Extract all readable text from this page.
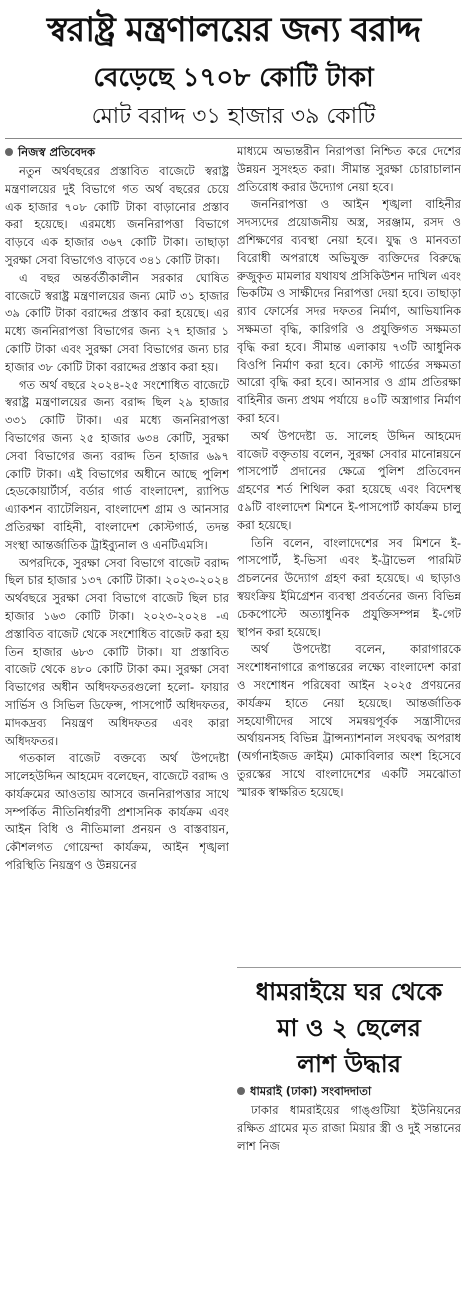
স্বরাষ্ট্র মন্ত্রণালয়ের জন্য বরাদ্দ
বেড়েছে ১৭০৮ কোটি টাকা
মোট বরাদ্দ ৩১ হাজার ৩৯ কোটি
নিজস্ব প্রতিবেদক

নতুন অর্থবছরের প্রস্তাবিত বাজেটে স্বরাষ্ট্র মন্ত্রণালয়ের দুই বিভাগে গত অর্থ বছরের চেয়ে এক হাজার ৭০৮ কোটি টাকা বাড়ানোর প্রস্তাব করা হয়েছে। এরমধ্যে জননিরাপত্তা বিভাগে বাড়বে এক হাজার ৩৬৭ কোটি টাকা। তাছাড়া সুরক্ষা সেবা বিভাগেও বাড়বে ৩৪১ কোটি টাকা।

এ বছর অন্তর্বর্তীকালীন সরকার ঘোষিত বাজেটে স্বরাষ্ট্র মন্ত্রণালয়ের জন্য মোট ৩১ হাজার ৩৯ কোটি টাকা বরাদ্দের প্রস্তাব করা হয়েছে। এর মধ্যে জননিরাপত্তা বিভাগের জন্য ২৭ হাজার ১ কোটি টাকা এবং সুরক্ষা সেবা বিভাগের জন্য চার হাজার ৩৮ কোটি টাকা বরাদ্দের প্রস্তাব করা হয়।

গত অর্থ বছরে ২০২৪-২৫ সংশোধিত বাজেটে স্বরাষ্ট্র মন্ত্রণালয়ের জন্য বরাদ্দ ছিল ২৯ হাজার ৩৩১ কোটি টাকা। এর মধ্যে জননিরাপত্তা বিভাগের জন্য ২৫ হাজার ৬৩৪ কোটি, সুরক্ষা সেবা বিভাগের জন্য বরাদ্দ তিন হাজার ৬৯৭ কোটি টাকা। এই বিভাগের অধীনে আছে পুলিশ হেডকোয়ার্টার্স, বর্ডার গার্ড বাংলাদেশ, র‍্যাপিড এ্যাকশন ব্যাটেলিয়ন, বাংলাদেশ গ্রাম ও আনসার প্রতিরক্ষা বাহিনী, বাংলাদেশ কোস্টগার্ড, তদন্ত সংস্থা আন্তর্জাতিক ট্রাইব্যুনাল ও এনটিএমসি।

অপরদিকে, সুরক্ষা সেবা বিভাগে বাজেট বরাদ্দ ছিল চার হাজার ১৩৭ কোটি টাকা। ২০২৩-২০২৪ অর্থবছরে সুরক্ষা সেবা বিভাগে বাজেট ছিল চার হাজার ১৬৩ কোটি টাকা। ২০২৩-২০২৪ -এ প্রস্তাবিত বাজেট থেকে সংশোধিত বাজেট করা হয় তিন হাজার ৬৮৩ কোটি টাকা। যা প্রস্তাবিত বাজেট থেকে ৪৮০ কোটি টাকা কম। সুরক্ষা সেবা বিভাগের অধীন অধিদফতরগুলো হলো- ফায়ার সার্ভিস ও সিভিল ডিফেন্স, পাসপোর্ট অধিদফতর, মাদকদ্রব্য নিয়ন্ত্রণ অধিদফতর এবং কারা অধিদফতর।

গতকাল বাজেট বক্তব্যে অর্থ উপদেষ্টা সালেহউদ্দিন আহমেদ বলেছেন, বাজেটে বরাদ্দ ও কার্যক্রমের আওতায় আসবে জননিরাপত্তার সাথে সম্পর্কিত নীতিনির্ধারণী প্রশাসনিক কার্যক্রম এবং আইন বিধি ও নীতিমালা প্রনয়ন ও বাস্তবায়ন, কৌশলগত গোয়েন্দা কার্যক্রম, আইন শৃঙ্খলা পরিস্থিতি নিয়ন্ত্রণ ও উন্নয়নের

মাধ্যমে অভ্যন্তরীন নিরাপত্তা নিশ্চিত করে দেশের উন্নয়ন সুসংহত করা। সীমান্ত সুরক্ষা চোরাচালান প্রতিরোধ করার উদ্যোগ নেয়া হবে।

জননিরাপত্তা ও আইন শৃঙ্খলা বাহিনীর সদস্যদের প্রয়োজনীয় অস্ত্র, সরঞ্জাম, রসদ ও প্রশিক্ষণের ব্যবস্থা নেয়া হবে। যুদ্ধ ও মানবতা বিরোধী অপরাধে অভিযুক্ত ব্যক্তিদের বিরুদ্ধে রুজুকৃত মামলার যথাযথ প্রসিকিউশন দাখিল এবং ভিকটিম ও সাক্ষীদের নিরাপত্তা দেয়া হবে। তাছাড়া র‍্যাব ফোর্সের সদর দফতর নির্মাণ, আভিযানিক সক্ষমতা বৃদ্ধি, কারিগরি ও প্রযুক্তিগত সক্ষমতা বৃদ্ধি করা হবে। সীমান্ত এলাকায় ৭৩টি আধুনিক বিওপি নির্মাণ করা হবে। কোস্ট গার্ডের সক্ষমতা আরো বৃদ্ধি করা হবে। আনসার ও গ্রাম প্রতিরক্ষা বাহিনীর জন্য প্রথম পর্যায়ে ৪০টি অস্ত্রাগার নির্মাণ করা হবে।

অর্থ উপদেষ্টা ড. সালেহ উদ্দিন আহমেদ বাজেট বক্তৃতায় বলেন, সুরক্ষা সেবার মানোন্নয়নে পাসপোর্ট প্রদানের ক্ষেত্রে পুলিশ প্রতিবেদন গ্রহণের শর্ত শিথিল করা হয়েছে এবং বিদেশস্থ ৫৯টি বাংলাদেশ মিশনে ই-পাসপোর্ট কার্যক্রম চালু করা হয়েছে।

তিনি বলেন, বাংলাদেশের সব মিশনে ই-পাসপোর্ট, ই-ভিসা এবং ই-ট্রাভেল পারমিট প্রচলনের উদ্যোগ গ্রহণ করা হয়েছে। এ ছাড়াও স্বয়ংক্রিয় ইমিগ্রেশন ব্যবস্থা প্রবর্তনের জন্য বিভিন্ন চেকপোস্টে অত্যাধুনিক প্রযুক্তিসম্পন্ন ই-গেট স্থাপন করা হয়েছে।

অর্থ উপদেষ্টা বলেন, কারাগারকে সংশোধনাগারে রূপান্তরের লক্ষ্যে বাংলাদেশ কারা ও সংশোধন পরিষেবা আইন ২০২৫ প্রণয়নের কার্যক্রম হাতে নেয়া হয়েছে। আন্তর্জাতিক সহযোগীদের সাথে সমন্বয়পূর্বক সন্ত্রাসীদের অর্থায়নসহ বিভিন্ন ট্রান্সন্যাশনাল সংঘবদ্ধ অপরাধ (অর্গানাইজড ক্রাইম) মোকাবিলার অংশ হিসেবে তুরস্কের সাথে বাংলাদেশের একটি সমঝোতা স্মারক স্বাক্ষরিত হয়েছে।

ধামরাইয়ে ঘর থেকে
মা ও ২ ছেলের
লাশ উদ্ধার
ধামরাই (ঢাকা) সংবাদদাতা

ঢাকার ধামরাইয়ের গাঙ্গুটিয়া ইউনিয়নের রক্ষিত গ্রামের মৃত রাজা মিয়ার স্ত্রী ও দুই সন্তানের লাশ নিজ
